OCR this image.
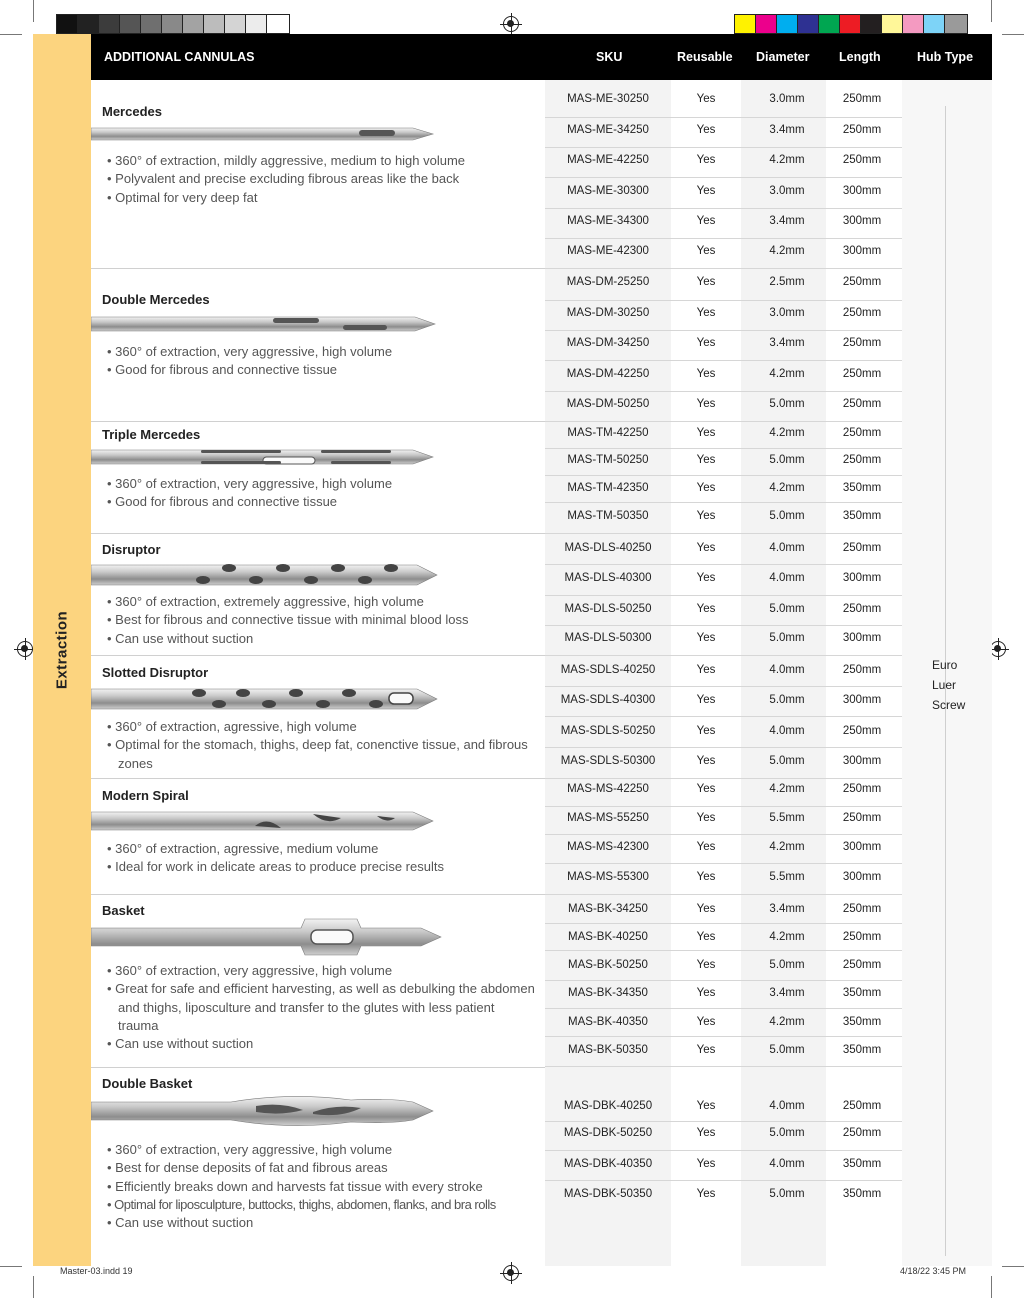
Extraction	Euro
Luer
Screw
ADDITIONAL CANNULAS	SKU	Reusable Diameter Length	Hub Type
Mercedes
• 360° of extraction, mildly aggressive, medium to high volume
• Polyvalent and precise excluding fibrous areas like the back
• Optimal for very deep fat
Double Mercedes
• 360° of extraction, very aggressive, high volume
• Good for fibrous and connective tissue
Triple Mercedes
• 360° of extraction, very aggressive, high volume
• Good for fibrous and connective tissue
Disruptor
• 360° of extraction, extremely aggressive, high volume
• Best for fibrous and connective tissue with minimal blood loss
• Can use without suction
Slotted Disruptor
• 360° of extraction, agressive, high volume
• Optimal for the stomach, thighs, deep fat, conenctive tissue, and fibrous zones
Modern Spiral
• 360° of extraction, agressive, medium volume
• Ideal for work in delicate areas to produce precise results
Basket
• 360° of extraction, very aggressive, high volume
• Great for safe and efficient harvesting, as well as debulking the abdomen and thighs, liposculture and transfer to the glutes with less patient trauma
• Can use without suction
Double Basket
• 360° of extraction, very aggressive, high volume
• Best for dense deposits of fat and fibrous areas
• Efficiently breaks down and harvests fat tissue with every stroke
• Optimal for liposculpture, buttocks, thighs, abdomen, flanks, and bra rolls
• Can use without suction
MAS-ME-30250	Yes	3.0mm	250mm
MAS-ME-34250	Yes	3.4mm	250mm
MAS-ME-42250	Yes	4.2mm	250mm
MAS-ME-30300	Yes	3.0mm	300mm
MAS-ME-34300	Yes	3.4mm	300mm
MAS-ME-42300	Yes	4.2mm	300mm
MAS-DM-25250	Yes	2.5mm	250mm
MAS-DM-30250	Yes	3.0mm	250mm
MAS-DM-34250	Yes	3.4mm	250mm
MAS-DM-42250	Yes	4.2mm	250mm
MAS-DM-50250	Yes	5.0mm	250mm
MAS-TM-42250	Yes	4.2mm	250mm
MAS-TM-50250	Yes	5.0mm	250mm
MAS-TM-42350	Yes	4.2mm	350mm
MAS-TM-50350	Yes	5.0mm	350mm
MAS-DLS-40250	Yes	4.0mm	250mm
MAS-DLS-40300	Yes	4.0mm	300mm
MAS-DLS-50250	Yes	5.0mm	250mm
MAS-DLS-50300	Yes	5.0mm	300mm
MAS-SDLS-40250	Yes	4.0mm	250mm
MAS-SDLS-40300	Yes	5.0mm	300mm
MAS-SDLS-50250	Yes	4.0mm	250mm
MAS-SDLS-50300	Yes	5.0mm	300mm
MAS-MS-42250	Yes	4.2mm	250mm
MAS-MS-55250	Yes	5.5mm	250mm
MAS-MS-42300	Yes	4.2mm	300mm
MAS-MS-55300	Yes	5.5mm	300mm
MAS-BK-34250	Yes	3.4mm	250mm
MAS-BK-40250	Yes	4.2mm	250mm
MAS-BK-50250	Yes	5.0mm	250mm
MAS-BK-34350	Yes	3.4mm	350mm
MAS-BK-40350	Yes	4.2mm	350mm
MAS-BK-50350	Yes	5.0mm	350mm
MAS-DBK-40250	Yes	4.0mm	250mm
MAS-DBK-50250	Yes	5.0mm	250mm
MAS-DBK-40350	Yes	4.0mm	350mm
MAS-DBK-50350	Yes	5.0mm	350mm
Master-03.indd 19	4/18/22 3:45 PM
